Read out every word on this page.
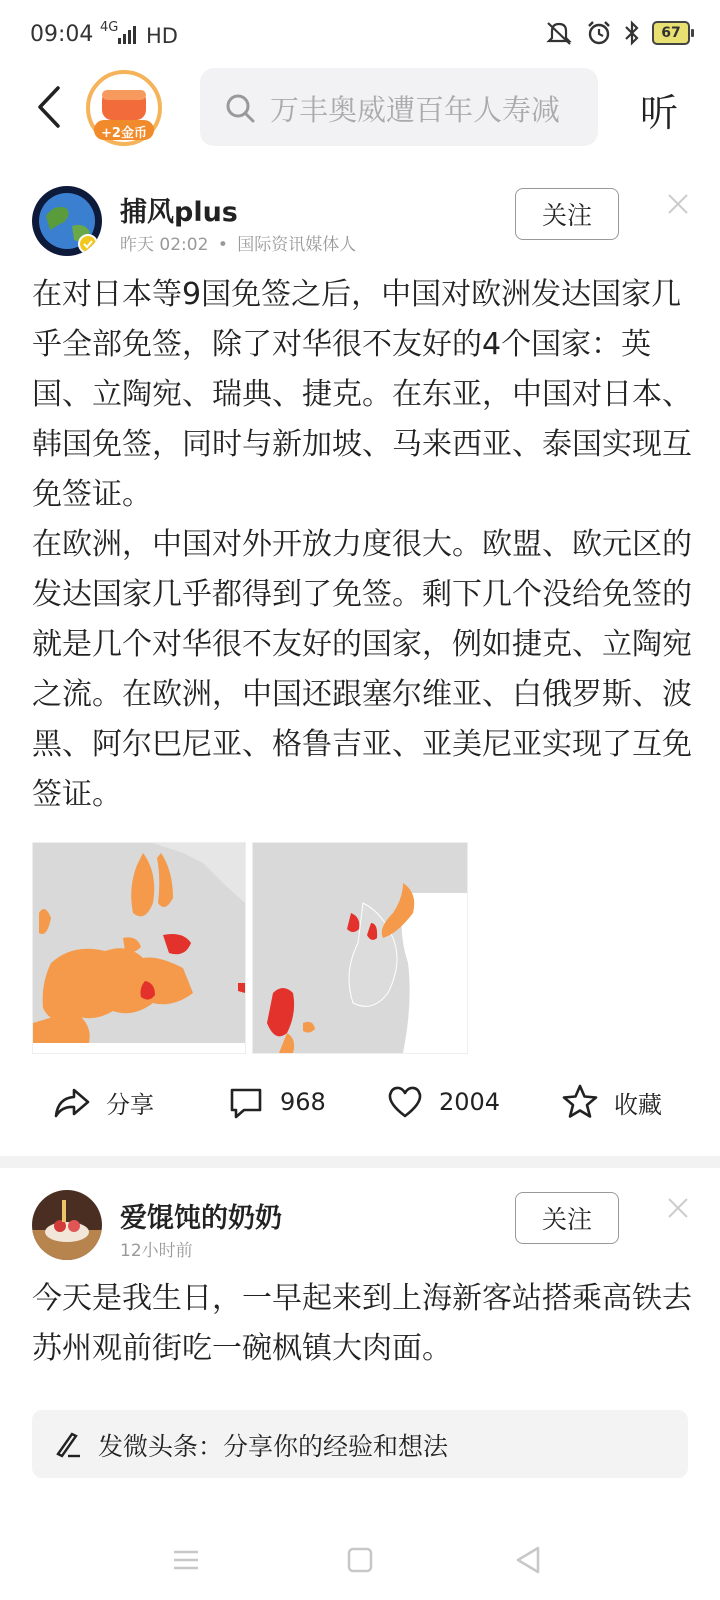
09:04 4G HD	67
+2金币
万丰奥威遭百年人寿减 听
捕风plus
昨天 02:02 • 国际资讯媒体人
关注

在对日本等9国免签之后，中国对欧洲发达国家几乎全部免签，除了对华很不友好的4个国家：英国、立陶宛、瑞典、捷克。在东亚，中国对日本、韩国免签，同时与新加坡、马来西亚、泰国实现互免签证。

在欧洲，中国对外开放力度很大。欧盟、欧元区的发达国家几乎都得到了免签。剩下几个没给免签的就是几个对华很不友好的国家，例如捷克、立陶宛之流。在欧洲，中国还跟塞尔维亚、白俄罗斯、波黑、阿尔巴尼亚、格鲁吉亚、亚美尼亚实现了互免签证。

分享	968	2004	收藏
爱馄饨的奶奶
12小时前
关注

今天是我生日，一早起来到上海新客站搭乘高铁去苏州观前街吃一碗枫镇大肉面。

发微头条：分享你的经验和想法
